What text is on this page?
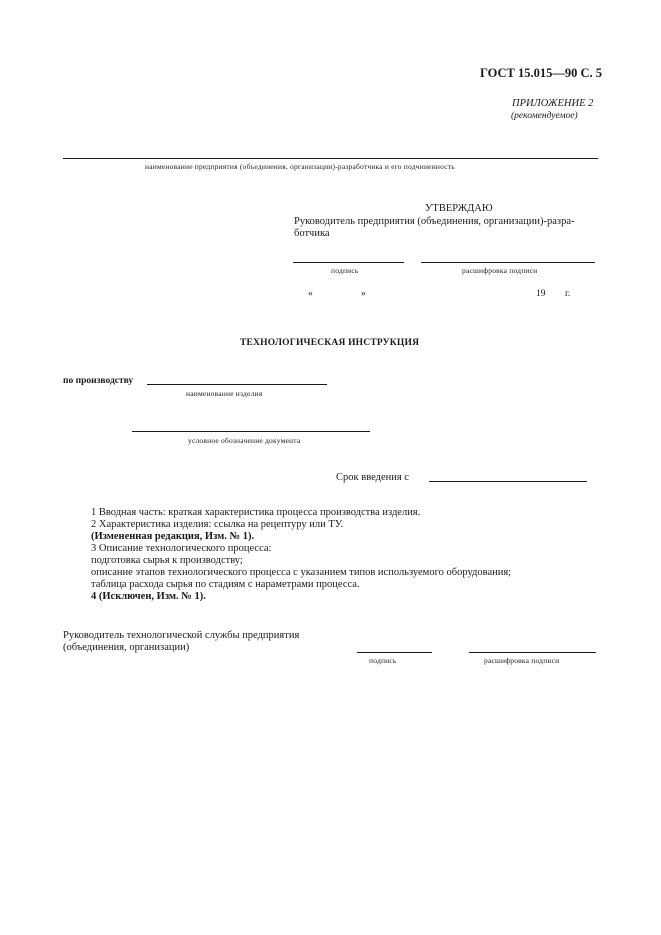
ГОСТ 15.015—90 С. 5
ПРИЛОЖЕНИЕ 2
(рекомендуемое)
наименование предприятия (объединения, организации)-разработчика и его подчиненность
УТВЕРЖДАЮ
Руководитель предприятия (объединения, организации)-разра-
ботчика
подпись	расшифровка подписи
«	»	19 г.
ТЕХНОЛОГИЧЕСКАЯ ИНСТРУКЦИЯ
по производству
наименование изделия
условное обозначение документа
Срок введения с
1 Вводная часть: краткая характеристика процесса производства изделия.
2 Характеристика изделия: ссылка на рецептуру или ТУ.
(Измененная редакция, Изм. № 1).
3 Описание технологического процесса:
подготовка сырья к производству;
описание этапов технологического процесса с указанием типов используемого оборудования;
таблица расхода сырья по стадиям с нараметрами процесса.
4 (Исключен, Изм. № 1).
Руководитель технологической службы предприятия
(объединения, организации)
подпись	расшифровка подписи
